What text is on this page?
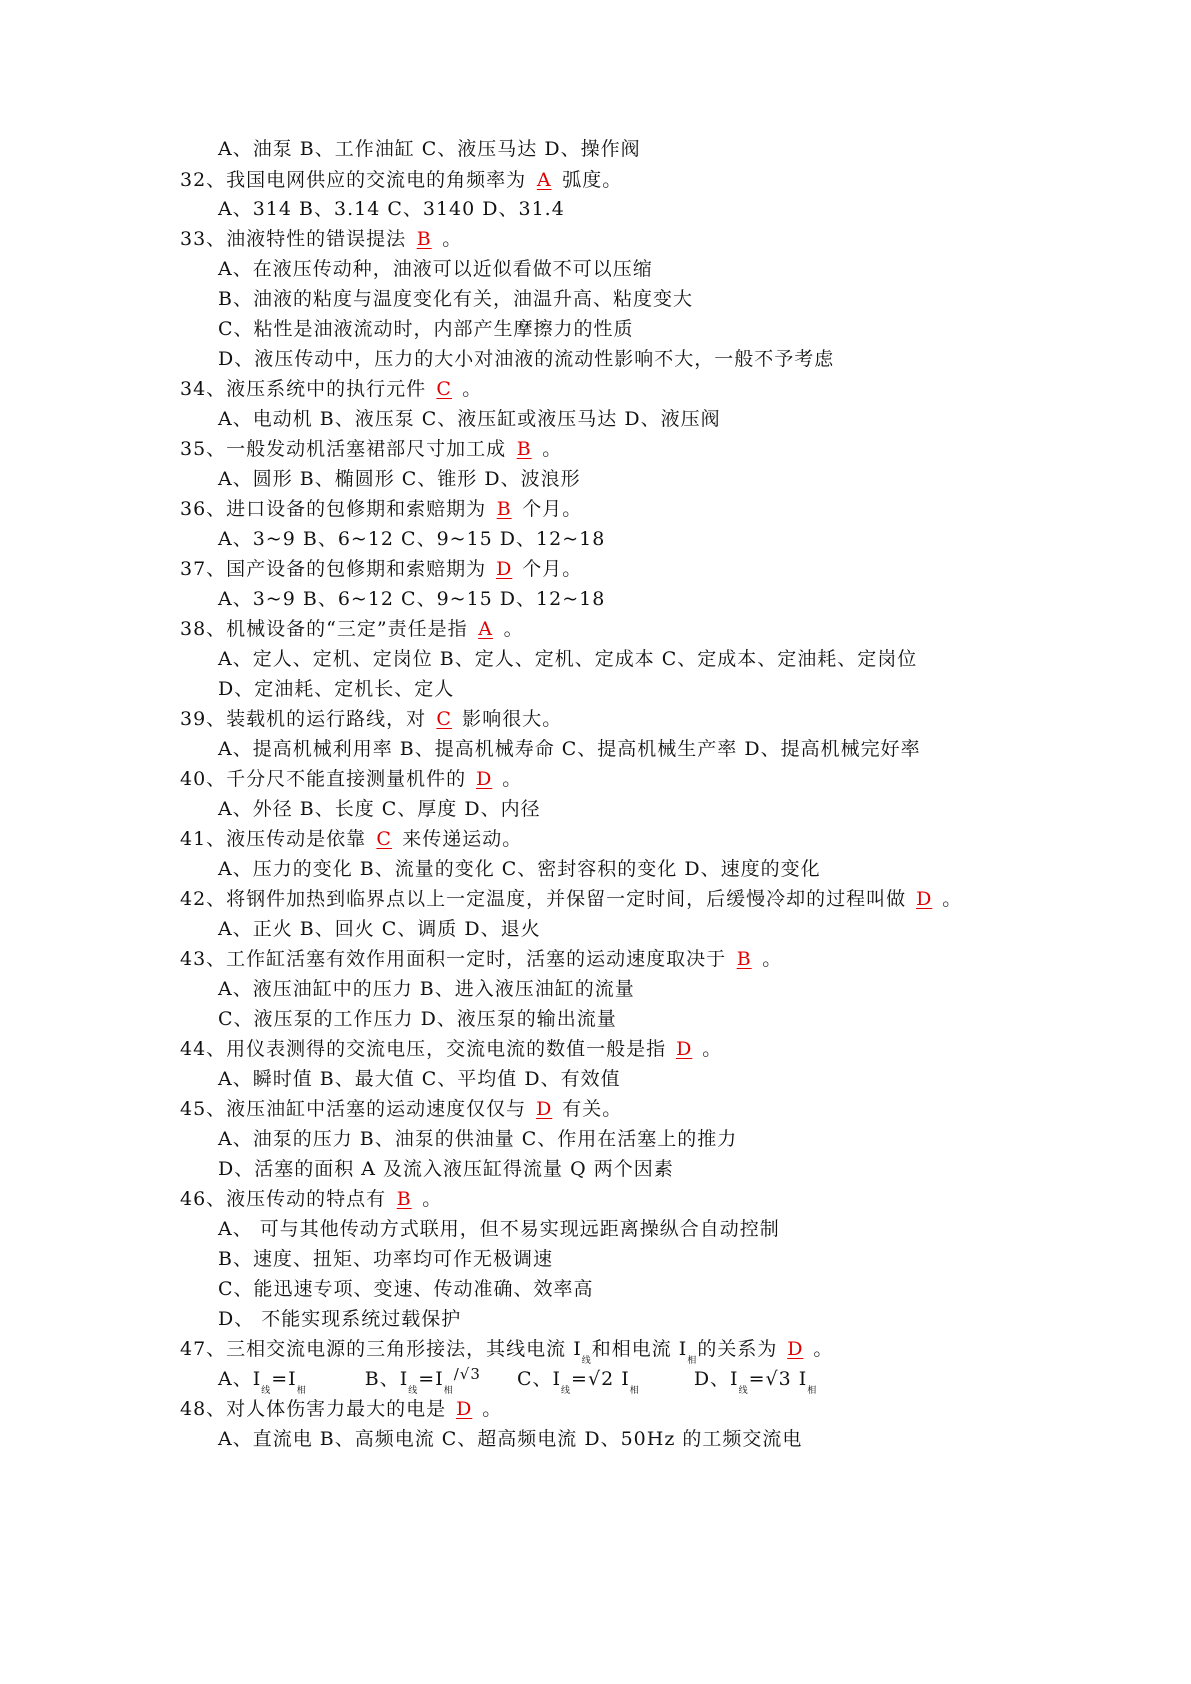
A、油泵 B、工作油缸 C、液压马达 D、操作阀
32、我国电网供应的交流电的角频率为 A 弧度。
A、314 B、3.14 C、3140 D、31.4
33、油液特性的错误提法 B 。
A、在液压传动种，油液可以近似看做不可以压缩
B、油液的粘度与温度变化有关，油温升高、粘度变大
C、粘性是油液流动时，内部产生摩擦力的性质
D、液压传动中，压力的大小对油液的流动性影响不大，一般不予考虑
34、液压系统中的执行元件 C 。
A、电动机 B、液压泵 C、液压缸或液压马达 D、液压阀
35、一般发动机活塞裙部尺寸加工成 B 。
A、圆形 B、椭圆形 C、锥形 D、波浪形
36、进口设备的包修期和索赔期为 B 个月。
A、3~9 B、6~12 C、9~15 D、12~18
37、国产设备的包修期和索赔期为 D 个月。
A、3~9 B、6~12 C、9~15 D、12~18
38、机械设备的“三定”责任是指 A 。
A、定人、定机、定岗位 B、定人、定机、定成本 C、定成本、定油耗、定岗位
D、定油耗、定机长、定人
39、装载机的运行路线，对 C 影响很大。
A、提高机械利用率 B、提高机械寿命 C、提高机械生产率 D、提高机械完好率
40、千分尺不能直接测量机件的 D 。
A、外径 B、长度 C、厚度 D、内径
41、液压传动是依靠 C 来传递运动。
A、压力的变化 B、流量的变化 C、密封容积的变化 D、速度的变化
42、将钢件加热到临界点以上一定温度，并保留一定时间，后缓慢冷却的过程叫做 D 。
A、正火 B、回火 C、调质 D、退火
43、工作缸活塞有效作用面积一定时，活塞的运动速度取决于 B 。
A、液压油缸中的压力 B、进入液压油缸的流量
C、液压泵的工作压力 D、液压泵的输出流量
44、用仪表测得的交流电压，交流电流的数值一般是指 D 。
A、瞬时值 B、最大值 C、平均值 D、有效值
45、液压油缸中活塞的运动速度仅仅与 D 有关。
A、油泵的压力 B、油泵的供油量 C、作用在活塞上的推力
D、活塞的面积 A 及流入液压缸得流量 Q 两个因素
46、液压传动的特点有 B 。
A、 可与其他传动方式联用，但不易实现远距离操纵合自动控制
B、速度、扭矩、功率均可作无极调速
C、能迅速专项、变速、传动准确、效率高
D、 不能实现系统过载保护
47、三相交流电源的三角形接法，其线电流 $I_线$和相电流 $I_相$的关系为 D 。
A、$I_线=I_相$  B、$I_线=I_相^{/√3}$ C、$I_线=√2$ $I_相$  D、$I_线=√3$ $I_相$
48、对人体伤害力最大的电是 D 。
A、直流电 B、高频电流 C、超高频电流 D、50Hz 的工频交流电
